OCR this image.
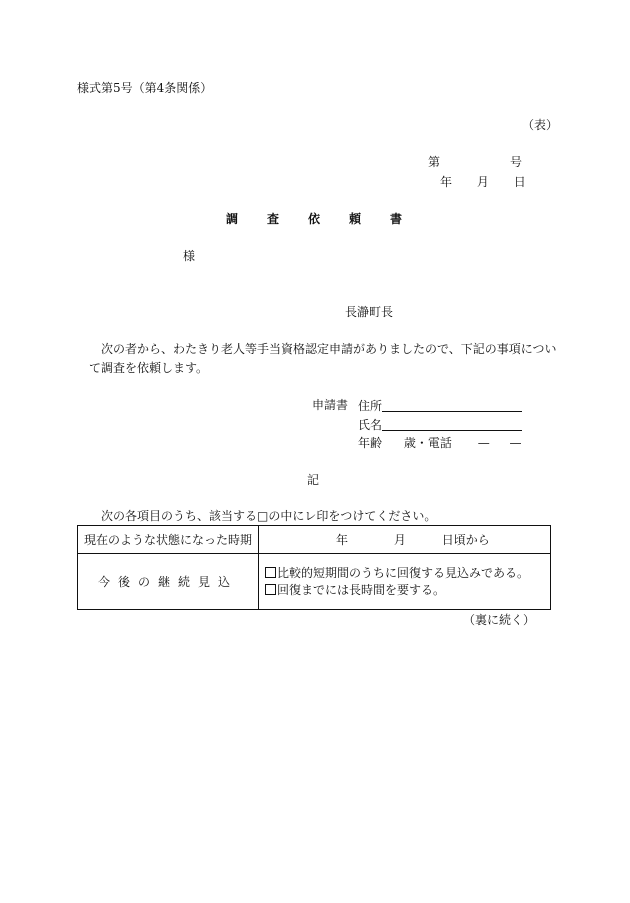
様式第5号（第4条関係）
（表）
第	号
年 月 日
調査依頼書
様
長瀞町長
次の者から、わたきり老人等手当資格認定申請がありましたので、下記の事項につい
て調査を依頼します。
申請書 住所
氏名
年齢 歳・電話 — —
記
次の各項目のうち、該当する□の中にレ印をつけてください。
現在のような状態になった時期	年 月 日頃から
今後の継続見込	比較的短期間のうちに回復する見込みである。
回復までには長時間を要する。
（裏に続く）
